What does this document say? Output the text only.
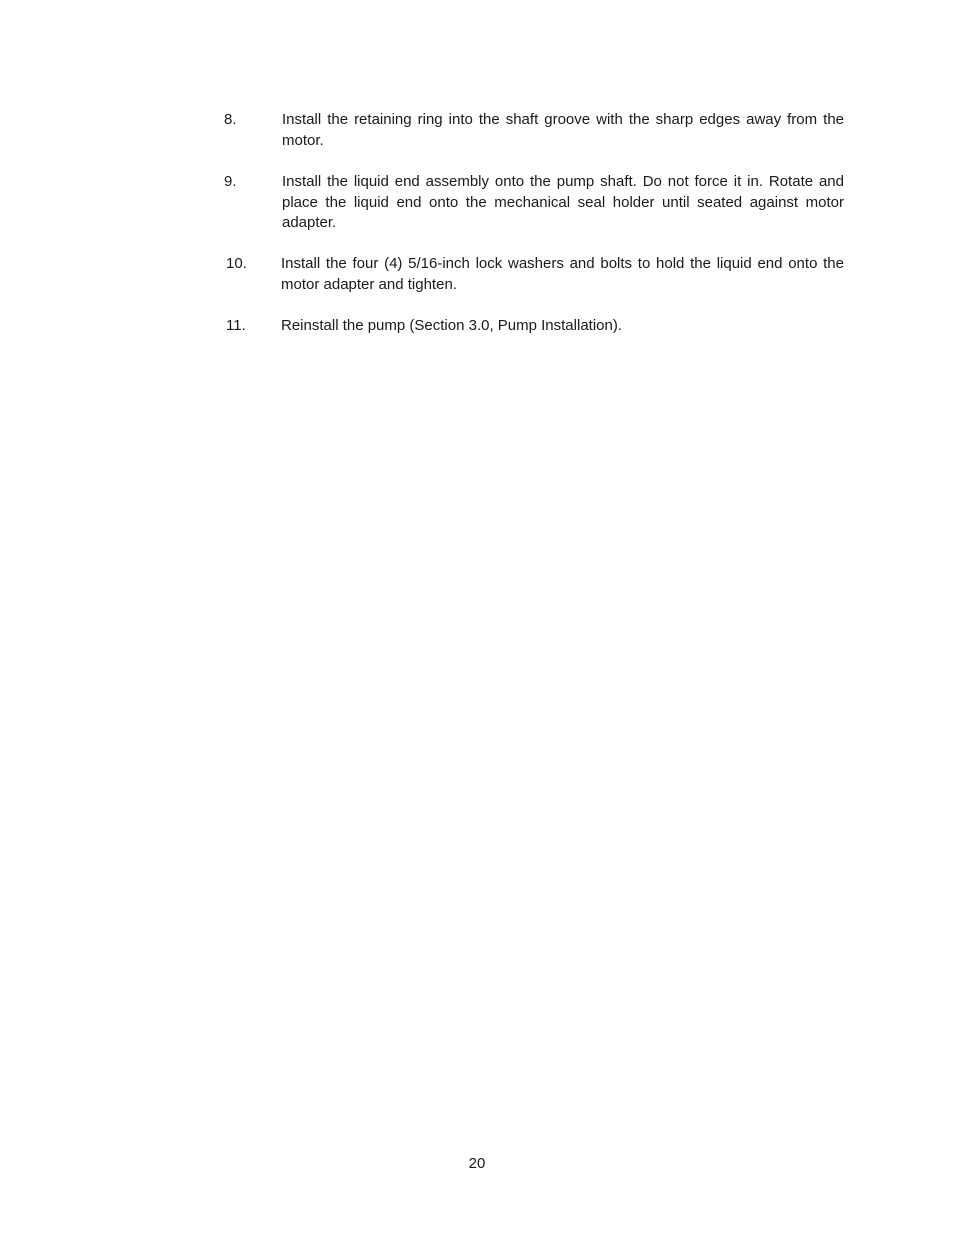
8.	Install the retaining ring into the shaft groove with the sharp edges away from the motor.
9.	Install the liquid end assembly onto the pump shaft. Do not force it in. Rotate and place the liquid end onto the mechanical seal holder until seated against motor adapter.
10. Install the four (4) 5/16-inch lock washers and bolts to hold the liquid end onto the motor adapter and tighten.
11. Reinstall the pump (Section 3.0, Pump Installation).
20
